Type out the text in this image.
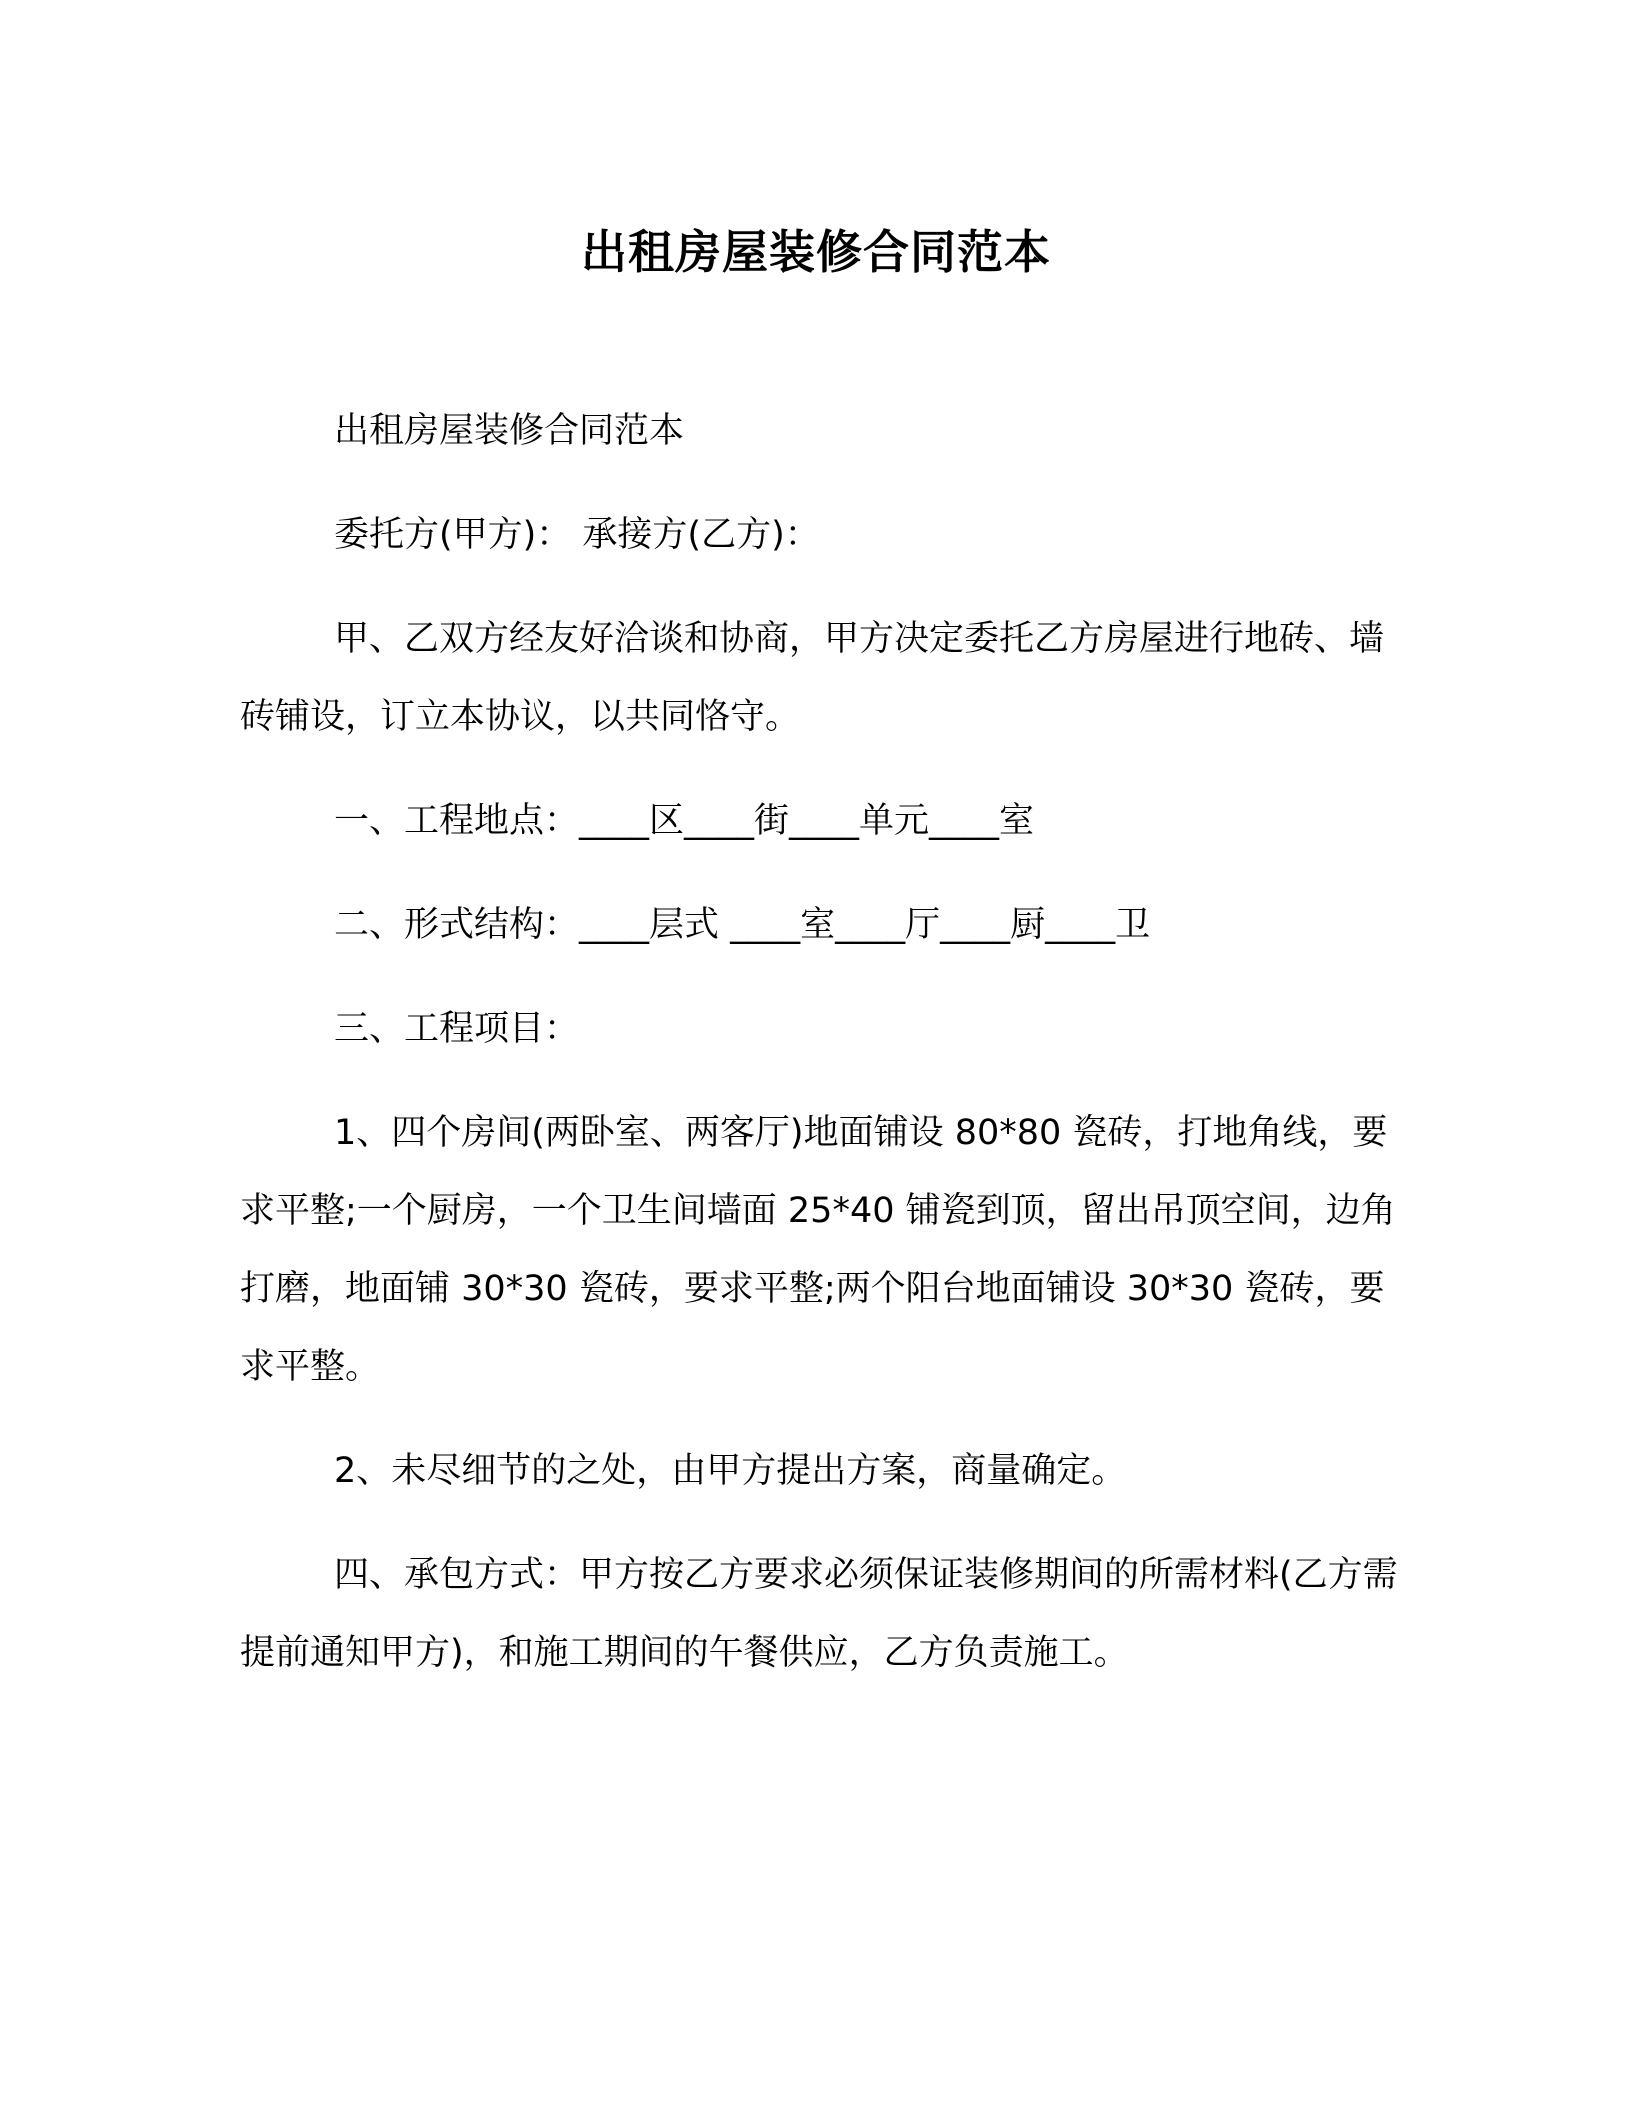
出租房屋装修合同范本

出租房屋装修合同范本

委托方(甲方)： 承接方(乙方)：

甲、乙双方经友好洽谈和协商，甲方决定委托乙方房屋进行地砖、墙砖铺设，订立本协议，以共同恪守。

一、工程地点：____区____街____单元____室

二、形式结构：____层式 ____室____厅____厨____卫

三、工程项目：

1、四个房间(两卧室、两客厅)地面铺设 80*80 瓷砖，打地角线，要求平整;一个厨房，一个卫生间墙面 25*40 铺瓷到顶，留出吊顶空间，边角打磨，地面铺 30*30 瓷砖，要求平整;两个阳台地面铺设 30*30 瓷砖，要求平整。

2、未尽细节的之处，由甲方提出方案，商量确定。

四、承包方式：甲方按乙方要求必须保证装修期间的所需材料(乙方需提前通知甲方)，和施工期间的午餐供应，乙方负责施工。
